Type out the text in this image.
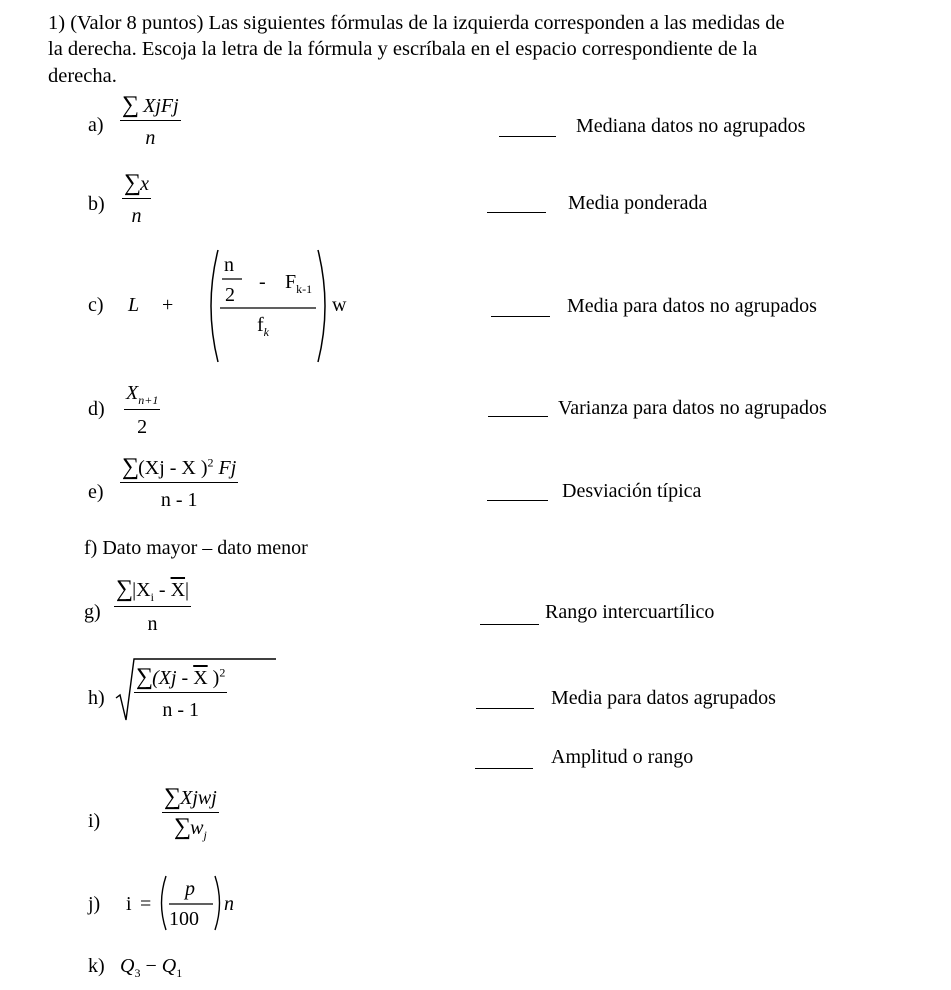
1) (Valor 8 puntos) Las siguientes fórmulas de la izquierda corresponden a las medidas de
la derecha. Escoja la letra de la fórmula y escríbala en el espacio correspondiente de la
derecha.
$a) \frac{\text{∑ XjFj}}{n}$
$b) \frac{\sum x}{n}$
c) L +
n
2
- $F_{k-1}$
$f_k$
w
$d) \frac{X_{n+1}}{2}$
$e) \frac{\sum(Xj - X )^2 Fj}{n - 1}$
f) Dato mayor – dato menor
$g) \frac{\sum|X_i - \overline{X}|}{n}$
$h) \frac{\sum(Xj - \overline{X} )^2}{n - 1}$
i)	$\frac{\text{∑Xjwj}}{\sum w_j}$
j) i =
p
100
n
k) $Q_3 - Q_1$
Mediana datos no agrupados
Media ponderada
Media para datos no agrupados
Varianza para datos no agrupados
Desviación típica
Rango intercuartílico
Media para datos agrupados
Amplitud o rango
